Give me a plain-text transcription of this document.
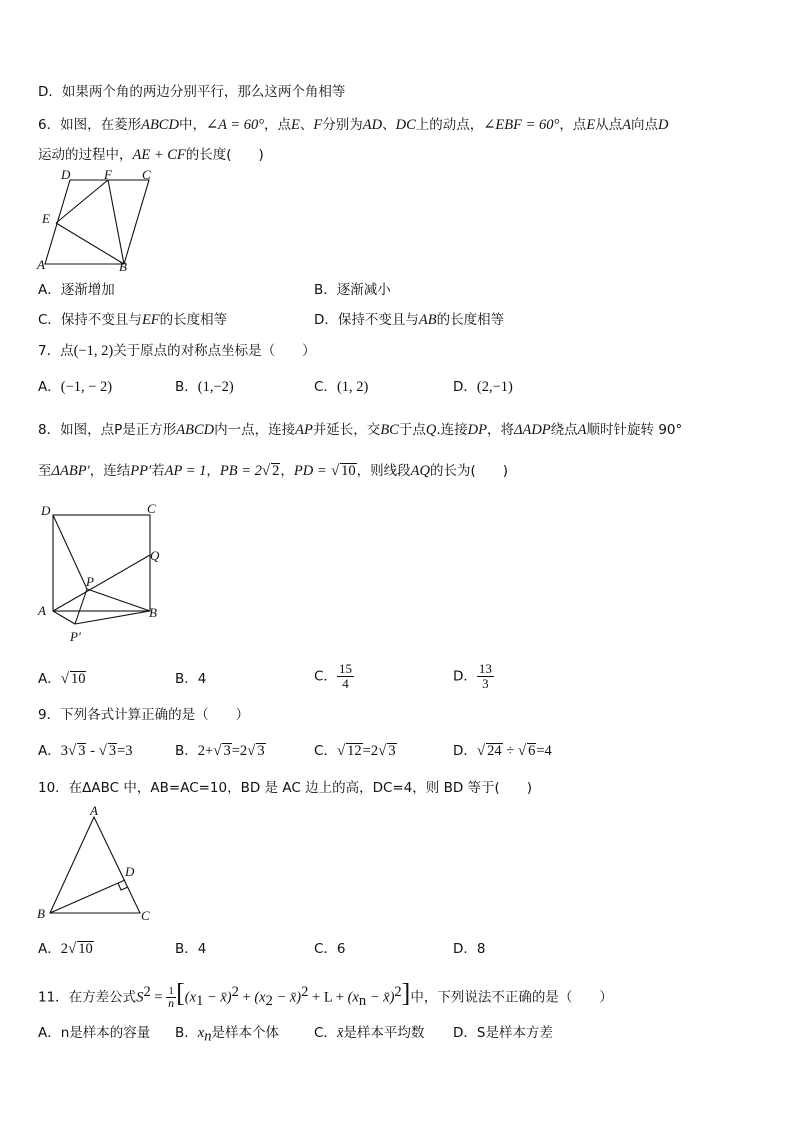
D．如果两个角的两边分别平行，那么这两个角相等
6．如图，在菱形ABCD中，∠A = 60°，点E、F分别为AD、DC上的动点，∠EBF = 60°，点E从点A向点D
运动的过程中，AE + CF的长度(　　)
D	F C
E
A	B
A．逐渐增加	B．逐渐减小
C．保持不变且与EF的长度相等	D．保持不变且与AB的长度相等
7．点(−1, 2)关于原点的对称点坐标是（　　）
A．(−1, − 2)	B．(1,−2)	C．(1, 2)	D．(2,−1)
8．如图，点P是正方形ABCD内一点，连接AP并延长，交BC于点Q.连接DP，将ΔADP绕点A顺时针旋转 90°
至ΔABP′，连结PP′若AP = 1，PB = 2√ 2，PD = √ 10，则线段AQ的长为(　　)
D	C
Q
P
A	B
P′
A．√ 10	B．4	C． $\frac{15}{4}$	D． $\frac{13}{3}$
9．下列各式计算正确的是（　　）
A．3√ 3 - √ 3=3	B．2+√ 3=2√ 3	C．√ 12=2√ 3	D．√ 24 ÷ √ 6=4
10．在ΔABC 中，AB=AC=10，BD 是 AC 边上的高，DC=4，则 BD 等于(　　)
A
D
B	C
A．2√ 10	B．4	C．6	D．8
11．在方差公式$S^2 = \frac{1}{n} [(x_1$ − x̄)$^2$ + ($x_2$ − x̄)$^2$ + $L + (x_n$ − x̄)$^2$]中，下列说法不正确的是（　　）
A．n是样本的容量 B．$x_n$是样本个体	C．x̄是样本平均数 D．S是样本方差
